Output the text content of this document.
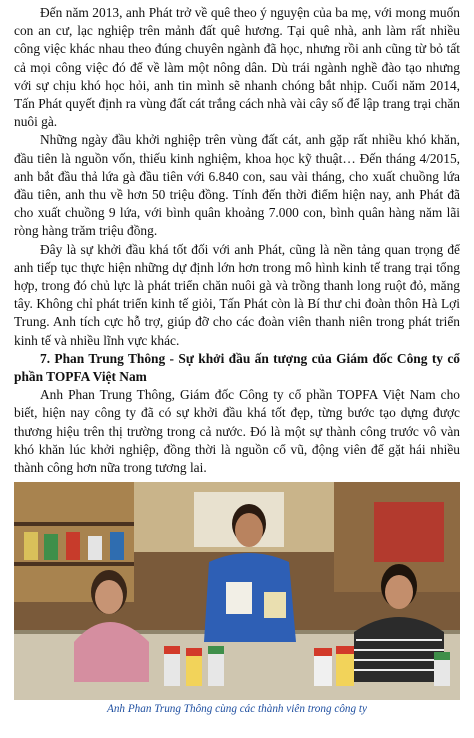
Đến năm 2013, anh Phát trở về quê theo ý nguyện của ba mẹ, với mong muốn con an cư, lạc nghiệp trên mảnh đất quê hương. Tại quê nhà, anh làm rất nhiều công việc khác nhau theo đúng chuyên ngành đã học, nhưng rồi anh cũng từ bỏ tất cả mọi công việc đó để về làm một nông dân. Dù trái ngành nghề đào tạo nhưng với sự chịu khó học hỏi, anh tin mình sẽ nhanh chóng bắt nhịp. Cuối năm 2014, Tấn Phát quyết định ra vùng đất cát trắng cách nhà vài cây số để lập trang trại chăn nuôi gà.

Những ngày đầu khởi nghiệp trên vùng đất cát, anh gặp rất nhiều khó khăn, đầu tiên là nguồn vốn, thiếu kinh nghiệm, khoa học kỹ thuật… Đến tháng 4/2015, anh bắt đầu thả lứa gà đầu tiên với 6.840 con, sau vài tháng, cho xuất chuồng lứa đầu tiên, anh thu về hơn 50 triệu đồng. Tính đến thời điểm hiện nay, anh Phát đã cho xuất chuồng 9 lứa, với bình quân khoảng 7.000 con, bình quân hàng năm lãi ròng hàng trăm triệu đồng.

Đây là sự khởi đầu khá tốt đối với anh Phát, cũng là nền tảng quan trọng để anh tiếp tục thực hiện những dự định lớn hơn trong mô hình kinh tế trang trại tổng hợp, trong đó chủ lực là phát triển chăn nuôi gà và trồng thanh long ruột đỏ, măng tây. Không chỉ phát triển kinh tế giỏi, Tấn Phát còn là Bí thư chi đoàn thôn Hà Lợi Trung. Anh tích cực hỗ trợ, giúp đỡ cho các đoàn viên thanh niên trong phát triển kinh tế và nhiều lĩnh vực khác.

7. Phan Trung Thông - Sự khởi đầu ấn tượng của Giám đốc Công ty cổ phần TOPFA Việt Nam

Anh Phan Trung Thông, Giám đốc Công ty cổ phần TOPFA Việt Nam cho biết, hiện nay công ty đã có sự khởi đầu khá tốt đẹp, từng bước tạo dựng được thương hiệu trên thị trường trong cả nước. Đó là một sự thành công trước vô vàn khó khăn lúc khởi nghiệp, đồng thời là nguồn cổ vũ, động viên để gặt hái nhiều thành công hơn nữa trong tương lai.

Anh Phan Trung Thông cùng các thành viên trong công ty
